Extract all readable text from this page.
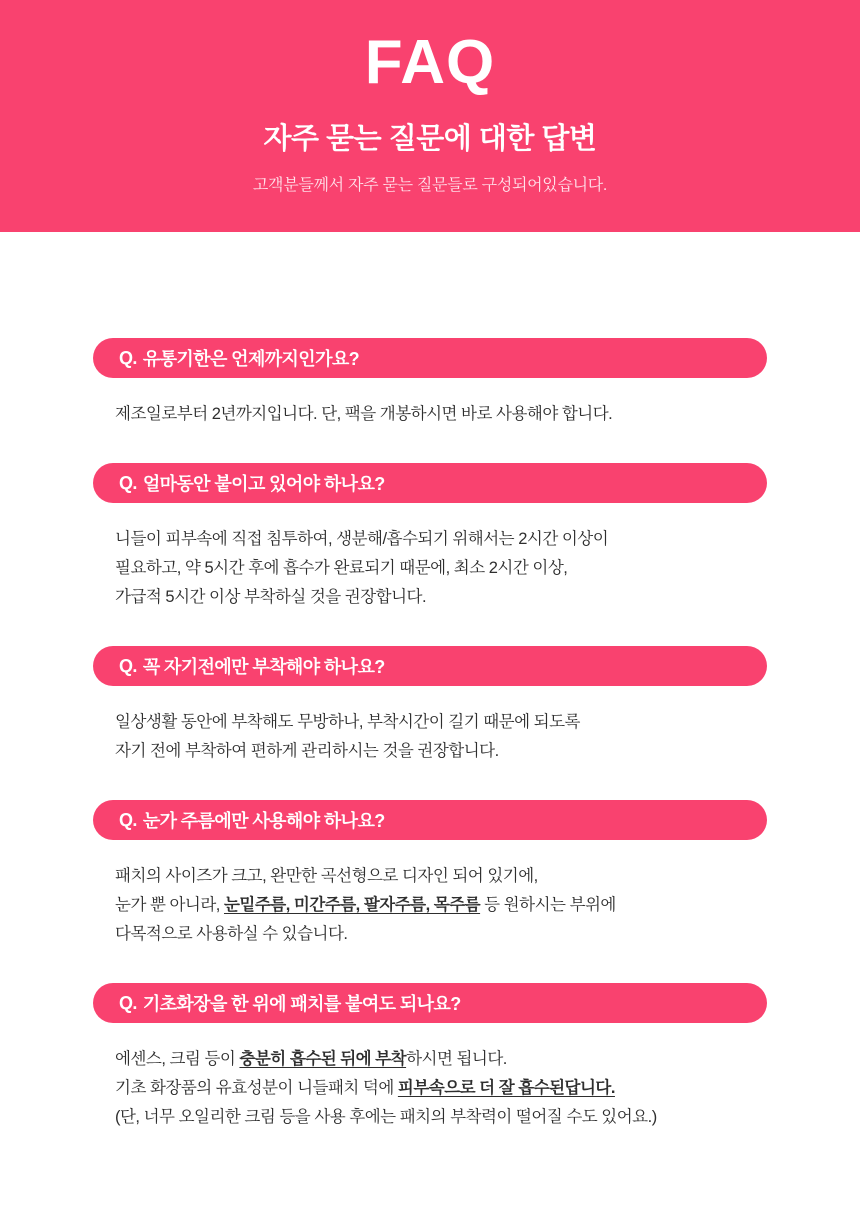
FAQ
자주 묻는 질문에 대한 답변
고객분들께서 자주 묻는 질문들로 구성되어있습니다.
Q. 유통기한은 언제까지인가요?
제조일로부터 2년까지입니다. 단, 팩을 개봉하시면 바로 사용해야 합니다.
Q. 얼마동안 붙이고 있어야 하나요?
니들이 피부속에 직접 침투하여, 생분해/흡수되기 위해서는 2시간 이상이
필요하고, 약 5시간 후에 흡수가 완료되기 때문에, 최소 2시간 이상,
가급적 5시간 이상 부착하실 것을 권장합니다.
Q. 꼭 자기전에만 부착해야 하나요?
일상생활 동안에 부착해도 무방하나, 부착시간이 길기 때문에 되도록
자기 전에 부착하여 편하게 관리하시는 것을 권장합니다.
Q. 눈가 주름에만 사용해야 하나요?
패치의 사이즈가 크고, 완만한 곡선형으로 디자인 되어 있기에,
눈가 뿐 아니라, 눈밑주름, 미간주름, 팔자주름, 목주름 등 원하시는 부위에
다목적으로 사용하실 수 있습니다.
Q. 기초화장을 한 위에 패치를 붙여도 되나요?
에센스, 크림 등이 충분히 흡수된 뒤에 부착하시면 됩니다.
기초 화장품의 유효성분이 니들패치 덕에 피부속으로 더 잘 흡수된답니다.
(단, 너무 오일리한 크림 등을 사용 후에는 패치의 부착력이 떨어질 수도 있어요.)
